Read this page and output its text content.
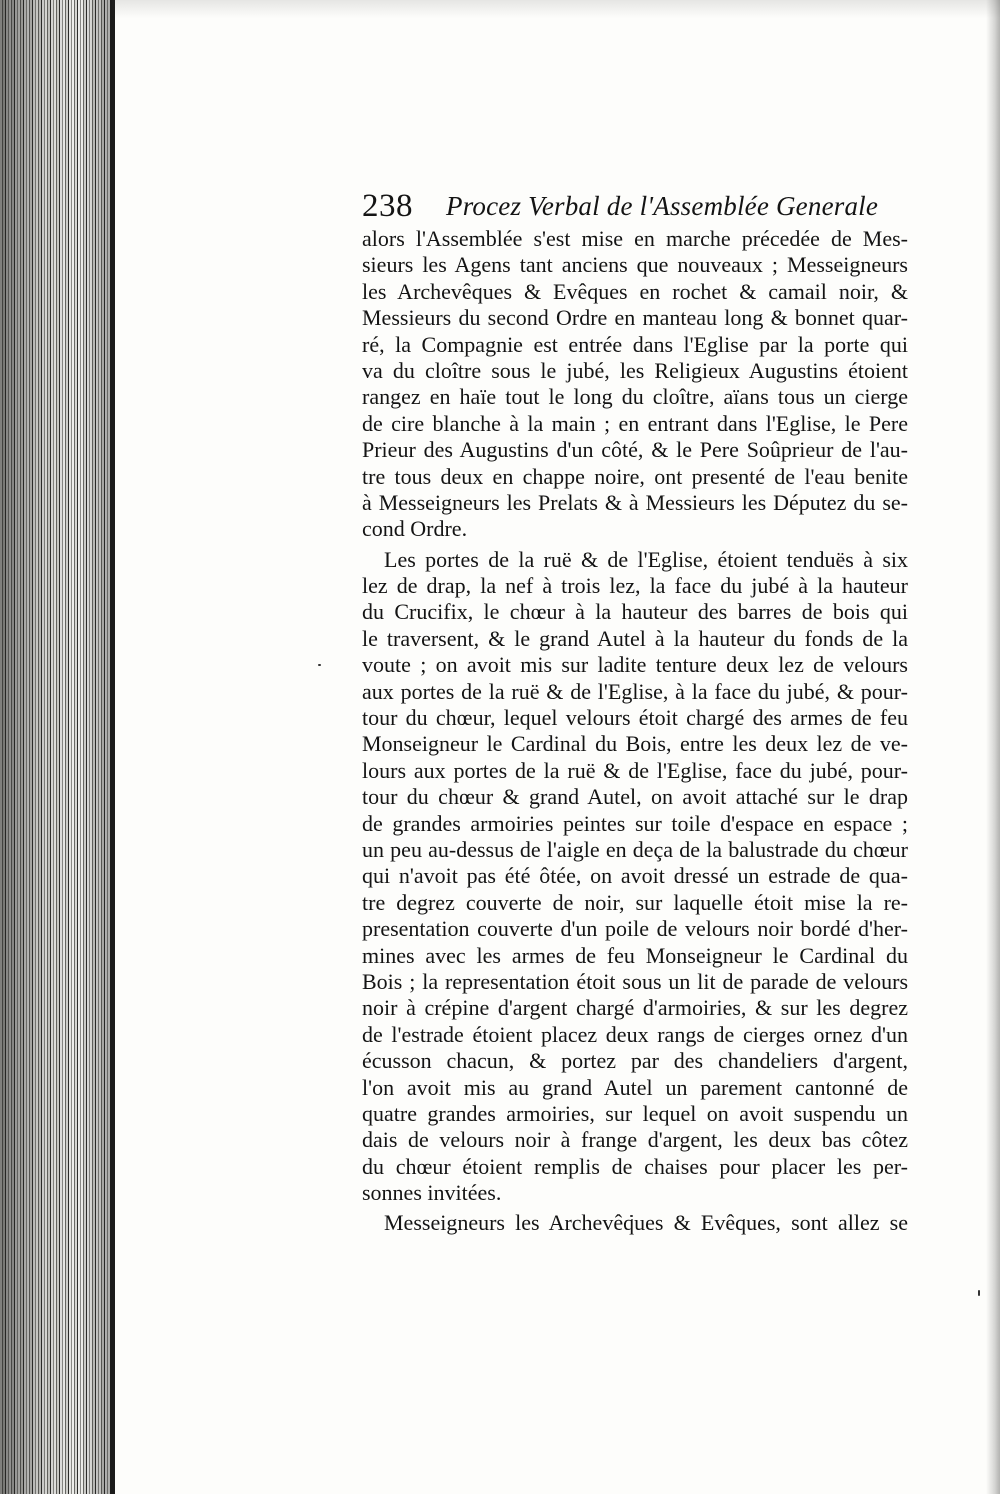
238 Procez Verbal de l'Assemblée Generale
alors l'Assemblée s'est mise en marche précedée de Mes-
sieurs les Agens tant anciens que nouveaux ; Messeigneurs
les Archevêques & Evêques en rochet & camail noir, &
Messieurs du second Ordre en manteau long & bonnet quar-
ré, la Compagnie est entrée dans l'Eglise par la porte qui
va du cloître sous le jubé, les Religieux Augustins étoient
rangez en haïe tout le long du cloître, aïans tous un cierge
de cire blanche à la main ; en entrant dans l'Eglise, le Pere
Prieur des Augustins d'un côté, & le Pere Soûprieur de l'au-
tre tous deux en chappe noire, ont presenté de l'eau benite
à Messeigneurs les Prelats & à Messieurs les Députez du se-
cond Ordre.
Les portes de la ruë & de l'Eglise, étoient tenduës à six
lez de drap, la nef à trois lez, la face du jubé à la hauteur
du Crucifix, le chœur à la hauteur des barres de bois qui
le traversent, & le grand Autel à la hauteur du fonds de la
voute ; on avoit mis sur ladite tenture deux lez de velours
aux portes de la ruë & de l'Eglise, à la face du jubé, & pour-
tour du chœur, lequel velours étoit chargé des armes de feu
Monseigneur le Cardinal du Bois, entre les deux lez de ve-
lours aux portes de la ruë & de l'Eglise, face du jubé, pour-
tour du chœur & grand Autel, on avoit attaché sur le drap
de grandes armoiries peintes sur toile d'espace en espace ;
un peu au-dessus de l'aigle en deça de la balustrade du chœur
qui n'avoit pas été ôtée, on avoit dressé un estrade de qua-
tre degrez couverte de noir, sur laquelle étoit mise la re-
presentation couverte d'un poile de velours noir bordé d'her-
mines avec les armes de feu Monseigneur le Cardinal du
Bois ; la representation étoit sous un lit de parade de velours
noir à crépine d'argent chargé d'armoiries, & sur les degrez
de l'estrade étoient placez deux rangs de cierges ornez d'un
écusson chacun, & portez par des chandeliers d'argent,
l'on avoit mis au grand Autel un parement cantonné de
quatre grandes armoiries, sur lequel on avoit suspendu un
dais de velours noir à frange d'argent, les deux bas côtez
du chœur étoient remplis de chaises pour placer les per-
sonnes invitées.
Messeigneurs les Archevêques & Evêques, sont allez se
